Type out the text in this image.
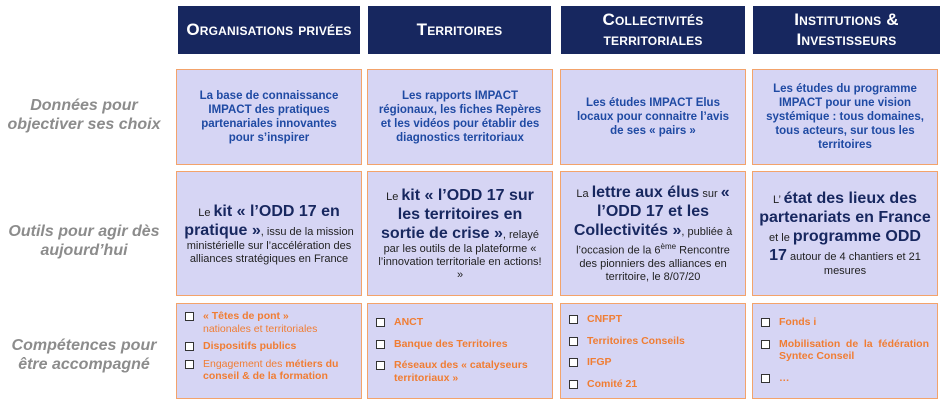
Organisations privées	Territoires
Collectivités territoriales
Institutions & Investisseurs
Données pour objectiver ses choix
Outils pour agir dès aujourd’hui
Compétences pour être accompagné
La base de connaissance IMPACT des pratiques partenariales innovantes pour s’inspirer
Les rapports IMPACT régionaux, les fiches Repères et les vidéos pour établir des diagnostics territoriaux
Les études IMPACT Elus locaux pour connaitre l’avis de ses « pairs »
Les études du programme IMPACT pour une vision systémique : tous domaines, tous acteurs, sur tous les territoires
Le kit « l’ODD 17 en pratique », issu de la mission ministérielle sur l’accélération des alliances stratégiques en France
Le kit « l’ODD 17 sur les territoires en sortie de crise », relayé par les outils de la plateforme « l’innovation territoriale en actions! »
La lettre aux élus sur « l’ODD 17 et les Collectivités », publiée à l’occasion de la 6ème Rencontre des pionniers des alliances en territoire, le 8/07/20
L’ état des lieux des partenariats en France et le programme ODD 17 autour de 4 chantiers et 21 mesures
« Têtes de pont »
nationales et territoriales
Dispositifs publics
Engagement des métiers du conseil & de la formation
ANCT
Banque des Territoires
Réseaux des « catalyseurs territoriaux »
CNFPT
Territoires Conseils
IFGP
Comité 21
Fonds i
Mobilisation de la fédération Syntec Conseil
…
